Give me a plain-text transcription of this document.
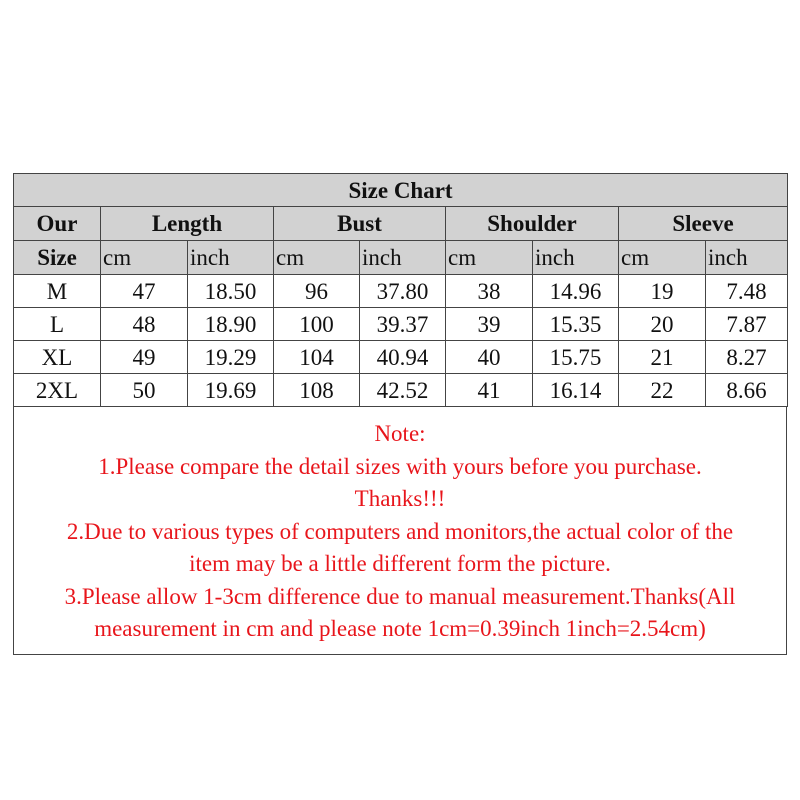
Size Chart								
Our	Length		Bust		Shoulder		Sleeve	
Size	cm	inch	cm	inch	cm	inch	cm	inch
M	47	18.50	96	37.80	38	14.96	19	7.48
L	48	18.90	100	39.37	39	15.35	20	7.87
XL	49	19.29	104	40.94	40	15.75	21	8.27
2XL	50	19.69	108	42.52	41	16.14	22	8.66
Note:
1.Please compare the detail sizes with yours before you purchase.
Thanks!!!
2.Due to various types of computers and monitors,the actual color of the
item may be a little different form the picture.
3.Please allow 1-3cm difference due to manual measurement.Thanks(All
measurement in cm and please note 1cm=0.39inch 1inch=2.54cm)
